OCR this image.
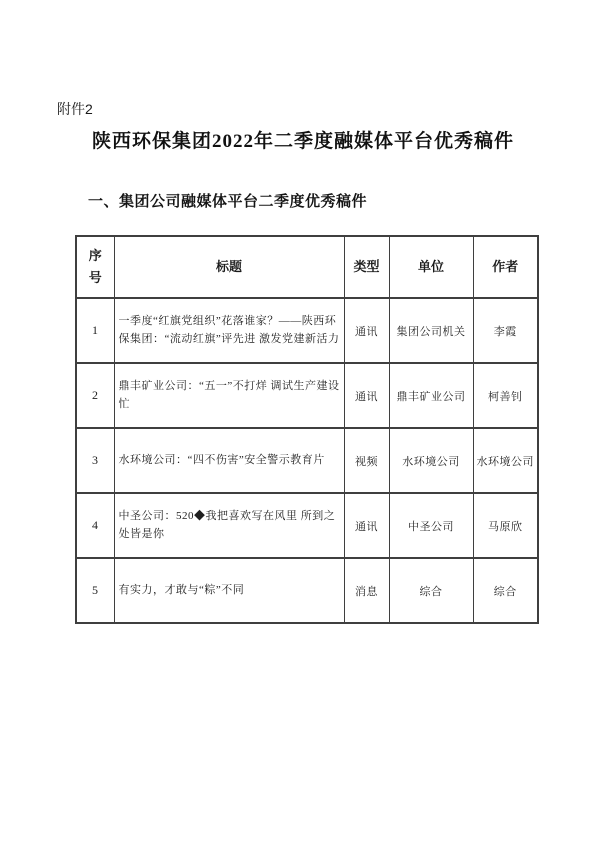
附件2
陕西环保集团2022年二季度融媒体平台优秀稿件
一、集团公司融媒体平台二季度优秀稿件
序号	标题	类型	单位	作者
1	一季度“红旗党组织”花落谁家？——陕西环保集团：“流动红旗”评先进 激发党建新活力	通讯	集团公司机关	李霞
2	鼎丰矿业公司：“五一”不打烊 调试生产建设忙	通讯	鼎丰矿业公司	柯善钊
3	水环境公司：“四不伤害”安全警示教育片	视频	水环境公司	水环境公司
4	中圣公司：520◆我把喜欢写在风里 所到之处皆是你	通讯	中圣公司	马原欣
5	有实力，才敢与“粽”不同	消息	综合	综合
